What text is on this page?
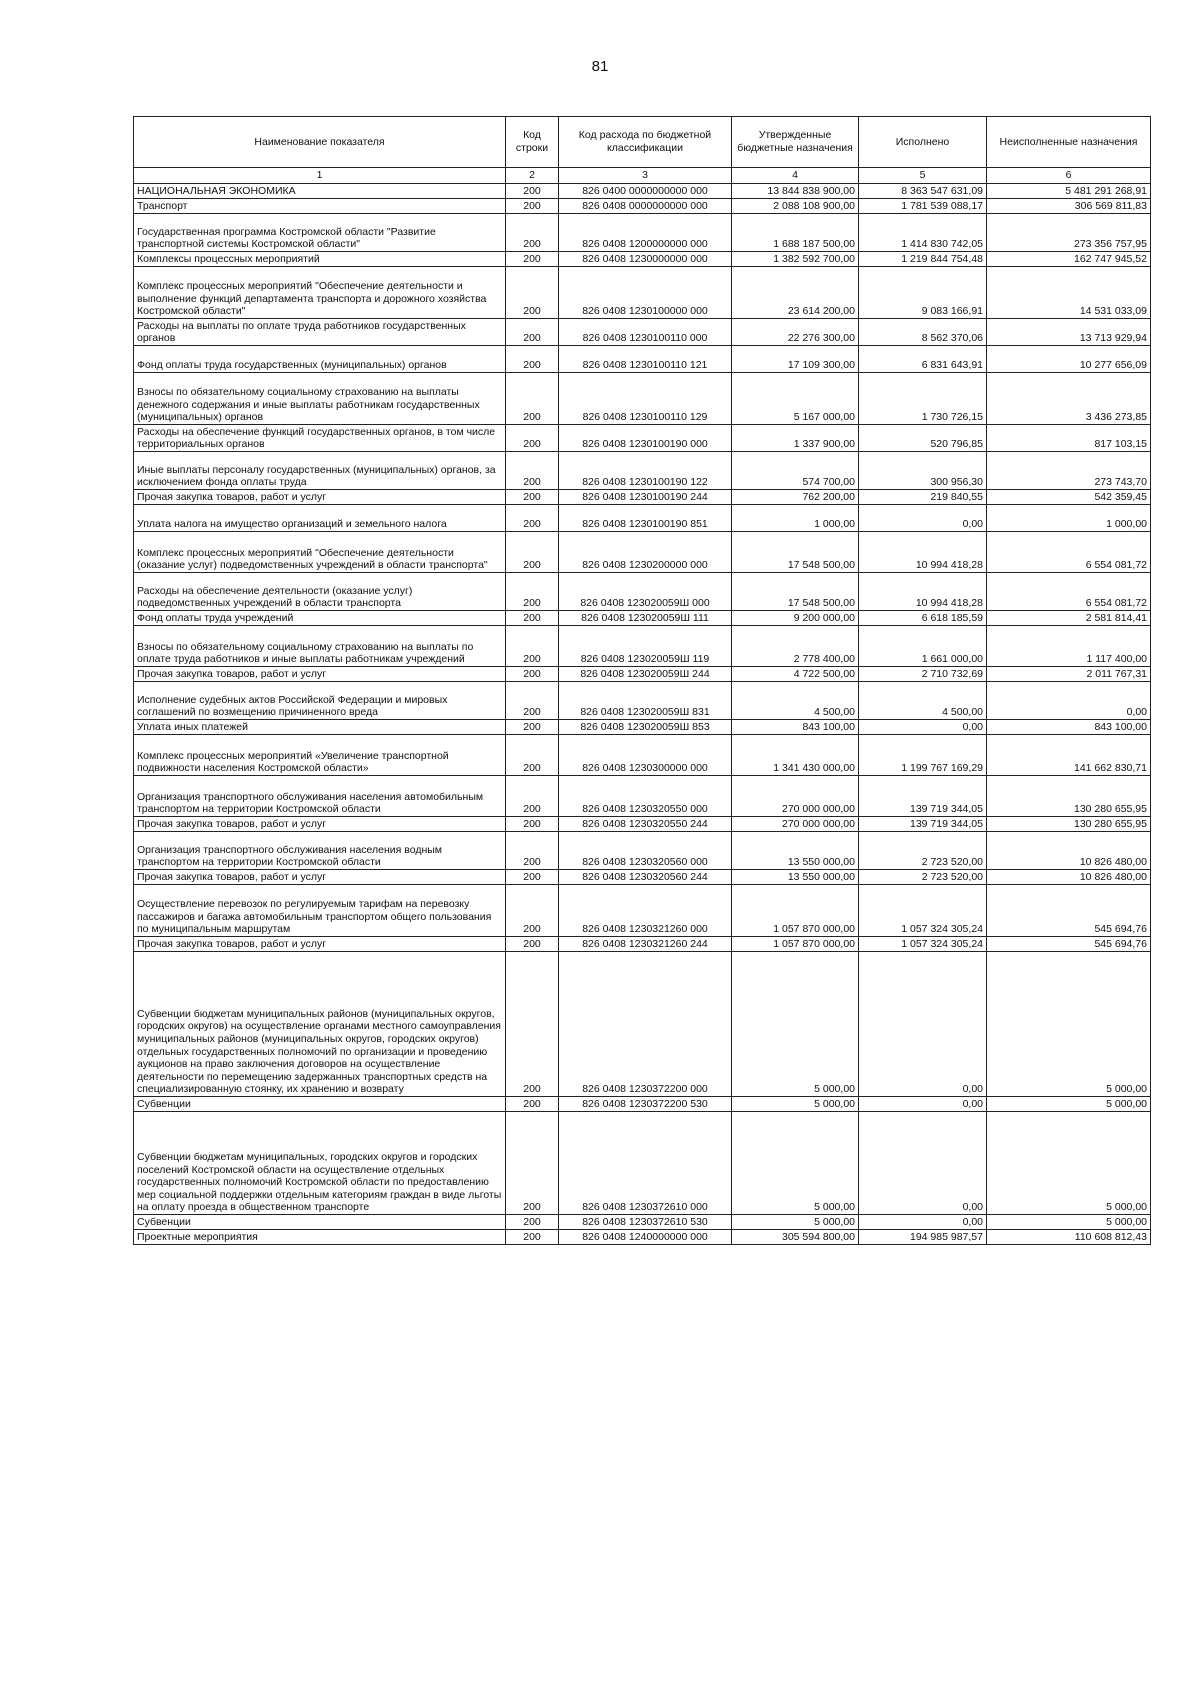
81
Наименование показателя	Код строки	Код расхода по бюджетной классификации	Утвержденные бюджетные назначения	Исполнено	Неисполненные назначения
1	2	3	4	5	6
НАЦИОНАЛЬНАЯ ЭКОНОМИКА	200	826 0400 0000000000 000	13 844 838 900,00	8 363 547 631,09	5 481 291 268,91
Транспорт	200	826 0408 0000000000 000	2 088 108 900,00	1 781 539 088,17	306 569 811,83
Государственная программа Костромской области "Развитие транспортной системы Костромской области"	200	826 0408 1200000000 000	1 688 187 500,00	1 414 830 742,05	273 356 757,95
Комплексы процессных мероприятий	200	826 0408 1230000000 000	1 382 592 700,00	1 219 844 754,48	162 747 945,52
Комплекс процессных мероприятий "Обеспечение деятельности и выполнение функций департамента транспорта и дорожного хозяйства Костромской области"	200	826 0408 1230100000 000	23 614 200,00	9 083 166,91	14 531 033,09
Расходы на выплаты по оплате труда работников государственных органов	200	826 0408 1230100110 000	22 276 300,00	8 562 370,06	13 713 929,94
Фонд оплаты труда государственных (муниципальных) органов	200	826 0408 1230100110 121	17 109 300,00	6 831 643,91	10 277 656,09
Взносы по обязательному социальному страхованию на выплаты денежного содержания и иные выплаты работникам государственных (муниципальных) органов	200	826 0408 1230100110 129	5 167 000,00	1 730 726,15	3 436 273,85
Расходы на обеспечение функций государственных органов, в том числе территориальных органов	200	826 0408 1230100190 000	1 337 900,00	520 796,85	817 103,15
Иные выплаты персоналу государственных (муниципальных) органов, за исключением фонда оплаты труда	200	826 0408 1230100190 122	574 700,00	300 956,30	273 743,70
Прочая закупка товаров, работ и услуг	200	826 0408 1230100190 244	762 200,00	219 840,55	542 359,45
Уплата налога на имущество организаций и земельного налога	200	826 0408 1230100190 851	1 000,00	0,00	1 000,00
Комплекс процессных мероприятий "Обеспечение деятельности (оказание услуг) подведомственных учреждений в области транспорта"	200	826 0408 1230200000 000	17 548 500,00	10 994 418,28	6 554 081,72
Расходы на обеспечение деятельности (оказание услуг) подведомственных учреждений в области транспорта	200	826 0408 123020059Ш 000	17 548 500,00	10 994 418,28	6 554 081,72
Фонд оплаты труда учреждений	200	826 0408 123020059Ш 111	9 200 000,00	6 618 185,59	2 581 814,41
Взносы по обязательному социальному страхованию на выплаты по оплате труда работников и иные выплаты работникам учреждений	200	826 0408 123020059Ш 119	2 778 400,00	1 661 000,00	1 117 400,00
Прочая закупка товаров, работ и услуг	200	826 0408 123020059Ш 244	4 722 500,00	2 710 732,69	2 011 767,31
Исполнение судебных актов Российской Федерации и мировых соглашений по возмещению причиненного вреда	200	826 0408 123020059Ш 831	4 500,00	4 500,00	0,00
Уплата иных платежей	200	826 0408 123020059Ш 853	843 100,00	0,00	843 100,00
Комплекс процессных мероприятий «Увеличение транспортной подвижности населения Костромской области»	200	826 0408 1230300000 000	1 341 430 000,00	1 199 767 169,29	141 662 830,71
Организация транспортного обслуживания населения автомобильным транспортом на территории Костромской области	200	826 0408 1230320550 000	270 000 000,00	139 719 344,05	130 280 655,95
Прочая закупка товаров, работ и услуг	200	826 0408 1230320550 244	270 000 000,00	139 719 344,05	130 280 655,95
Организация транспортного обслуживания населения водным транспортом на территории Костромской области	200	826 0408 1230320560 000	13 550 000,00	2 723 520,00	10 826 480,00
Прочая закупка товаров, работ и услуг	200	826 0408 1230320560 244	13 550 000,00	2 723 520,00	10 826 480,00
Осуществление перевозок по регулируемым тарифам на перевозку пассажиров и багажа автомобильным транспортом общего пользования по муниципальным маршрутам	200	826 0408 1230321260 000	1 057 870 000,00	1 057 324 305,24	545 694,76
Прочая закупка товаров, работ и услуг	200	826 0408 1230321260 244	1 057 870 000,00	1 057 324 305,24	545 694,76
Субвенции бюджетам муниципальных районов (муниципальных округов, городских округов) на осуществление органами местного самоуправления муниципальных районов (муниципальных округов, городских округов) отдельных государственных полномочий по организации и проведению аукционов на право заключения договоров на осуществление деятельности по перемещению задержанных транспортных средств на специализированную стоянку, их хранению и возврату	200	826 0408 1230372200 000	5 000,00	0,00	5 000,00
Субвенции	200	826 0408 1230372200 530	5 000,00	0,00	5 000,00
Субвенции бюджетам муниципальных, городских округов и городских поселений Костромской области на осуществление отдельных государственных полномочий Костромской области по предоставлению мер социальной поддержки отдельным категориям граждан в виде льготы на оплату проезда в общественном транспорте	200	826 0408 1230372610 000	5 000,00	0,00	5 000,00
Субвенции	200	826 0408 1230372610 530	5 000,00	0,00	5 000,00
Проектные мероприятия	200	826 0408 1240000000 000	305 594 800,00	194 985 987,57	110 608 812,43
